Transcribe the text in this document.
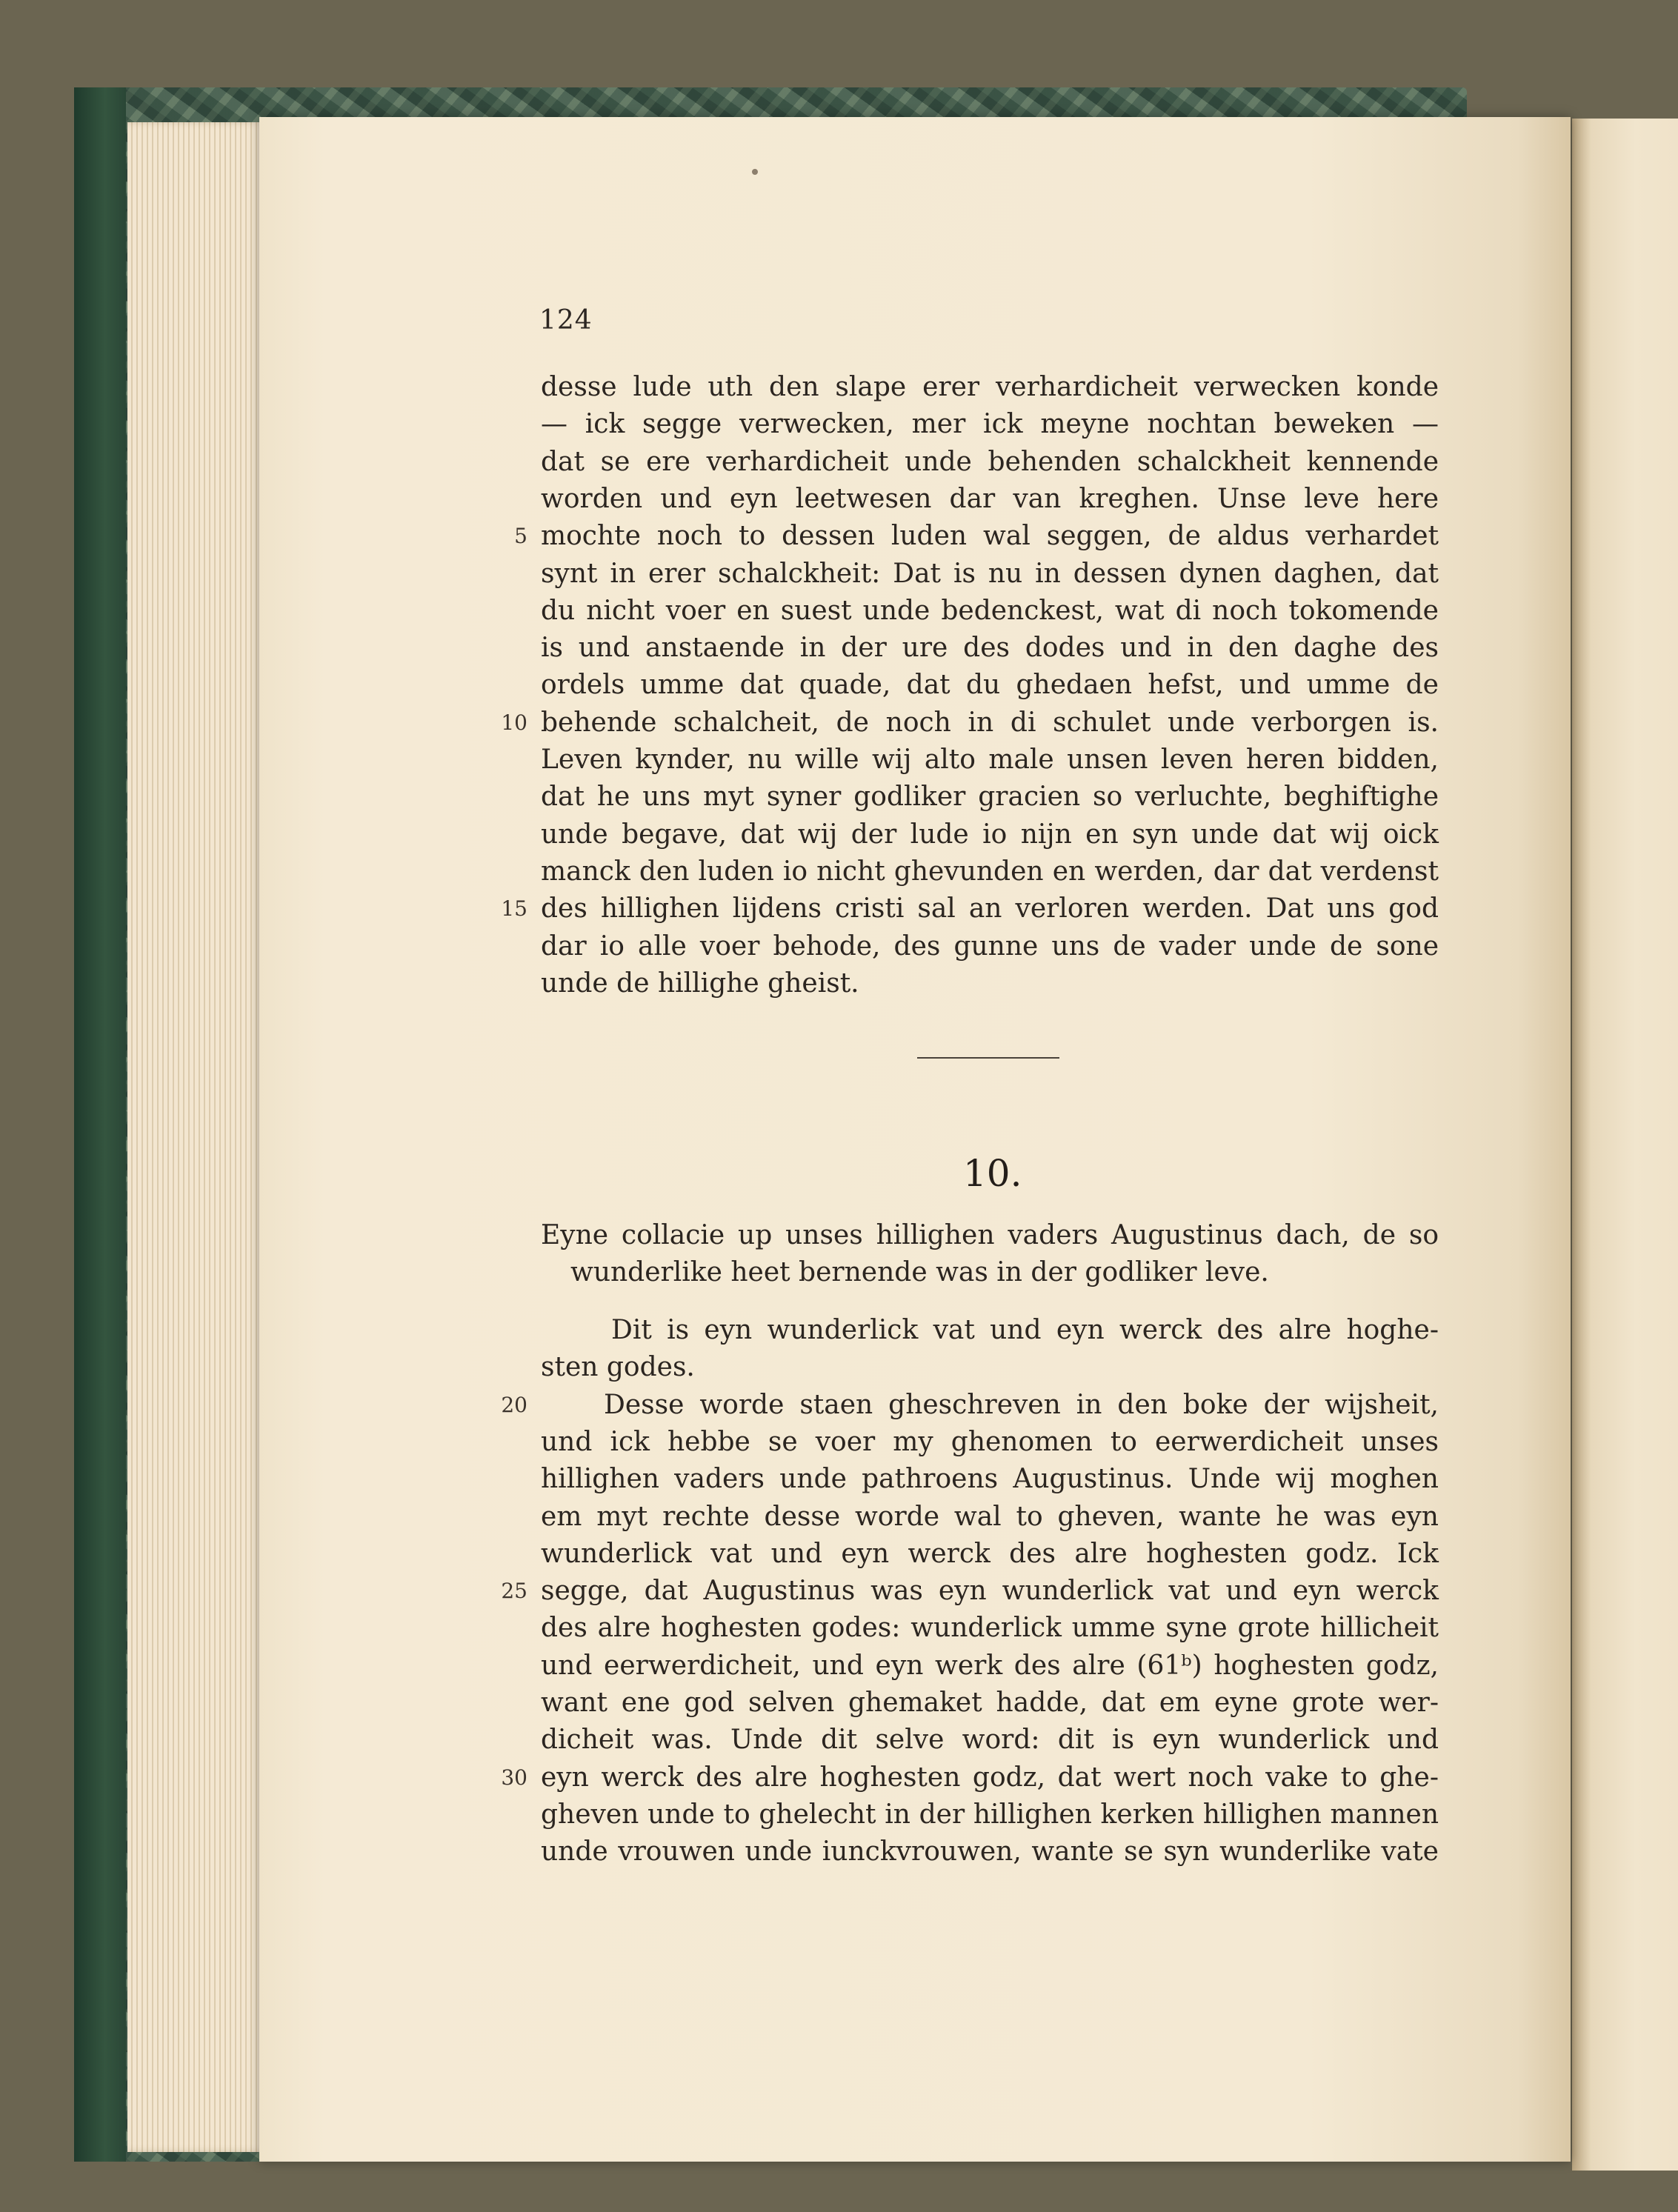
124
desse lude uth den slape erer verhardicheit verwecken konde
— ick segge verwecken, mer ick meyne nochtan beweken —
dat se ere verhardicheit unde behenden schalckheit kennende
worden und eyn leetwesen dar van kreghen. Unse leve here
mochte noch to dessen luden wal seggen, de aldus verhardet
5
synt in erer schalckheit: Dat is nu in dessen dynen daghen, dat
du nicht voer en suest unde bedenckest, wat di noch tokomende
is und anstaende in der ure des dodes und in den daghe des
ordels umme dat quade, dat du ghedaen hefst, und umme de
behende schalcheit, de noch in di schulet unde verborgen is.
10
Leven kynder, nu wille wij alto male unsen leven heren bidden,
dat he uns myt syner godliker gracien so verluchte, beghiftighe
unde begave, dat wij der lude io nijn en syn unde dat wij oick
manck den luden io nicht ghevunden en werden, dar dat verdenst
des hillighen lijdens cristi sal an verloren werden. Dat uns god
15
dar io alle voer behode, des gunne uns de vader unde de sone
unde de hillighe gheist.
10.
Eyne collacie up unses hillighen vaders Augustinus dach, de so
wunderlike heet bernende was in der godliker leve.
Dit is eyn wunderlick vat und eyn werck des alre hoghe-
sten godes.
Desse worde staen gheschreven in den boke der wijsheit,
20
und ick hebbe se voer my ghenomen to eerwerdicheit unses
hillighen vaders unde pathroens Augustinus. Unde wij moghen
em myt rechte desse worde wal to gheven, wante he was eyn
wunderlick vat und eyn werck des alre hoghesten godz. Ick
segge, dat Augustinus was eyn wunderlick vat und eyn werck
25
des alre hoghesten godes: wunderlick umme syne grote hillicheit
und eerwerdicheit, und eyn werk des alre (61ᵇ) hoghesten godz,
want ene god selven ghemaket hadde, dat em eyne grote wer-
dicheit was. Unde dit selve word: dit is eyn wunderlick und
eyn werck des alre hoghesten godz, dat wert noch vake to ghe-
30
gheven unde to ghelecht in der hillighen kerken hillighen mannen
unde vrouwen unde iunckvrouwen, wante se syn wunderlike vate
